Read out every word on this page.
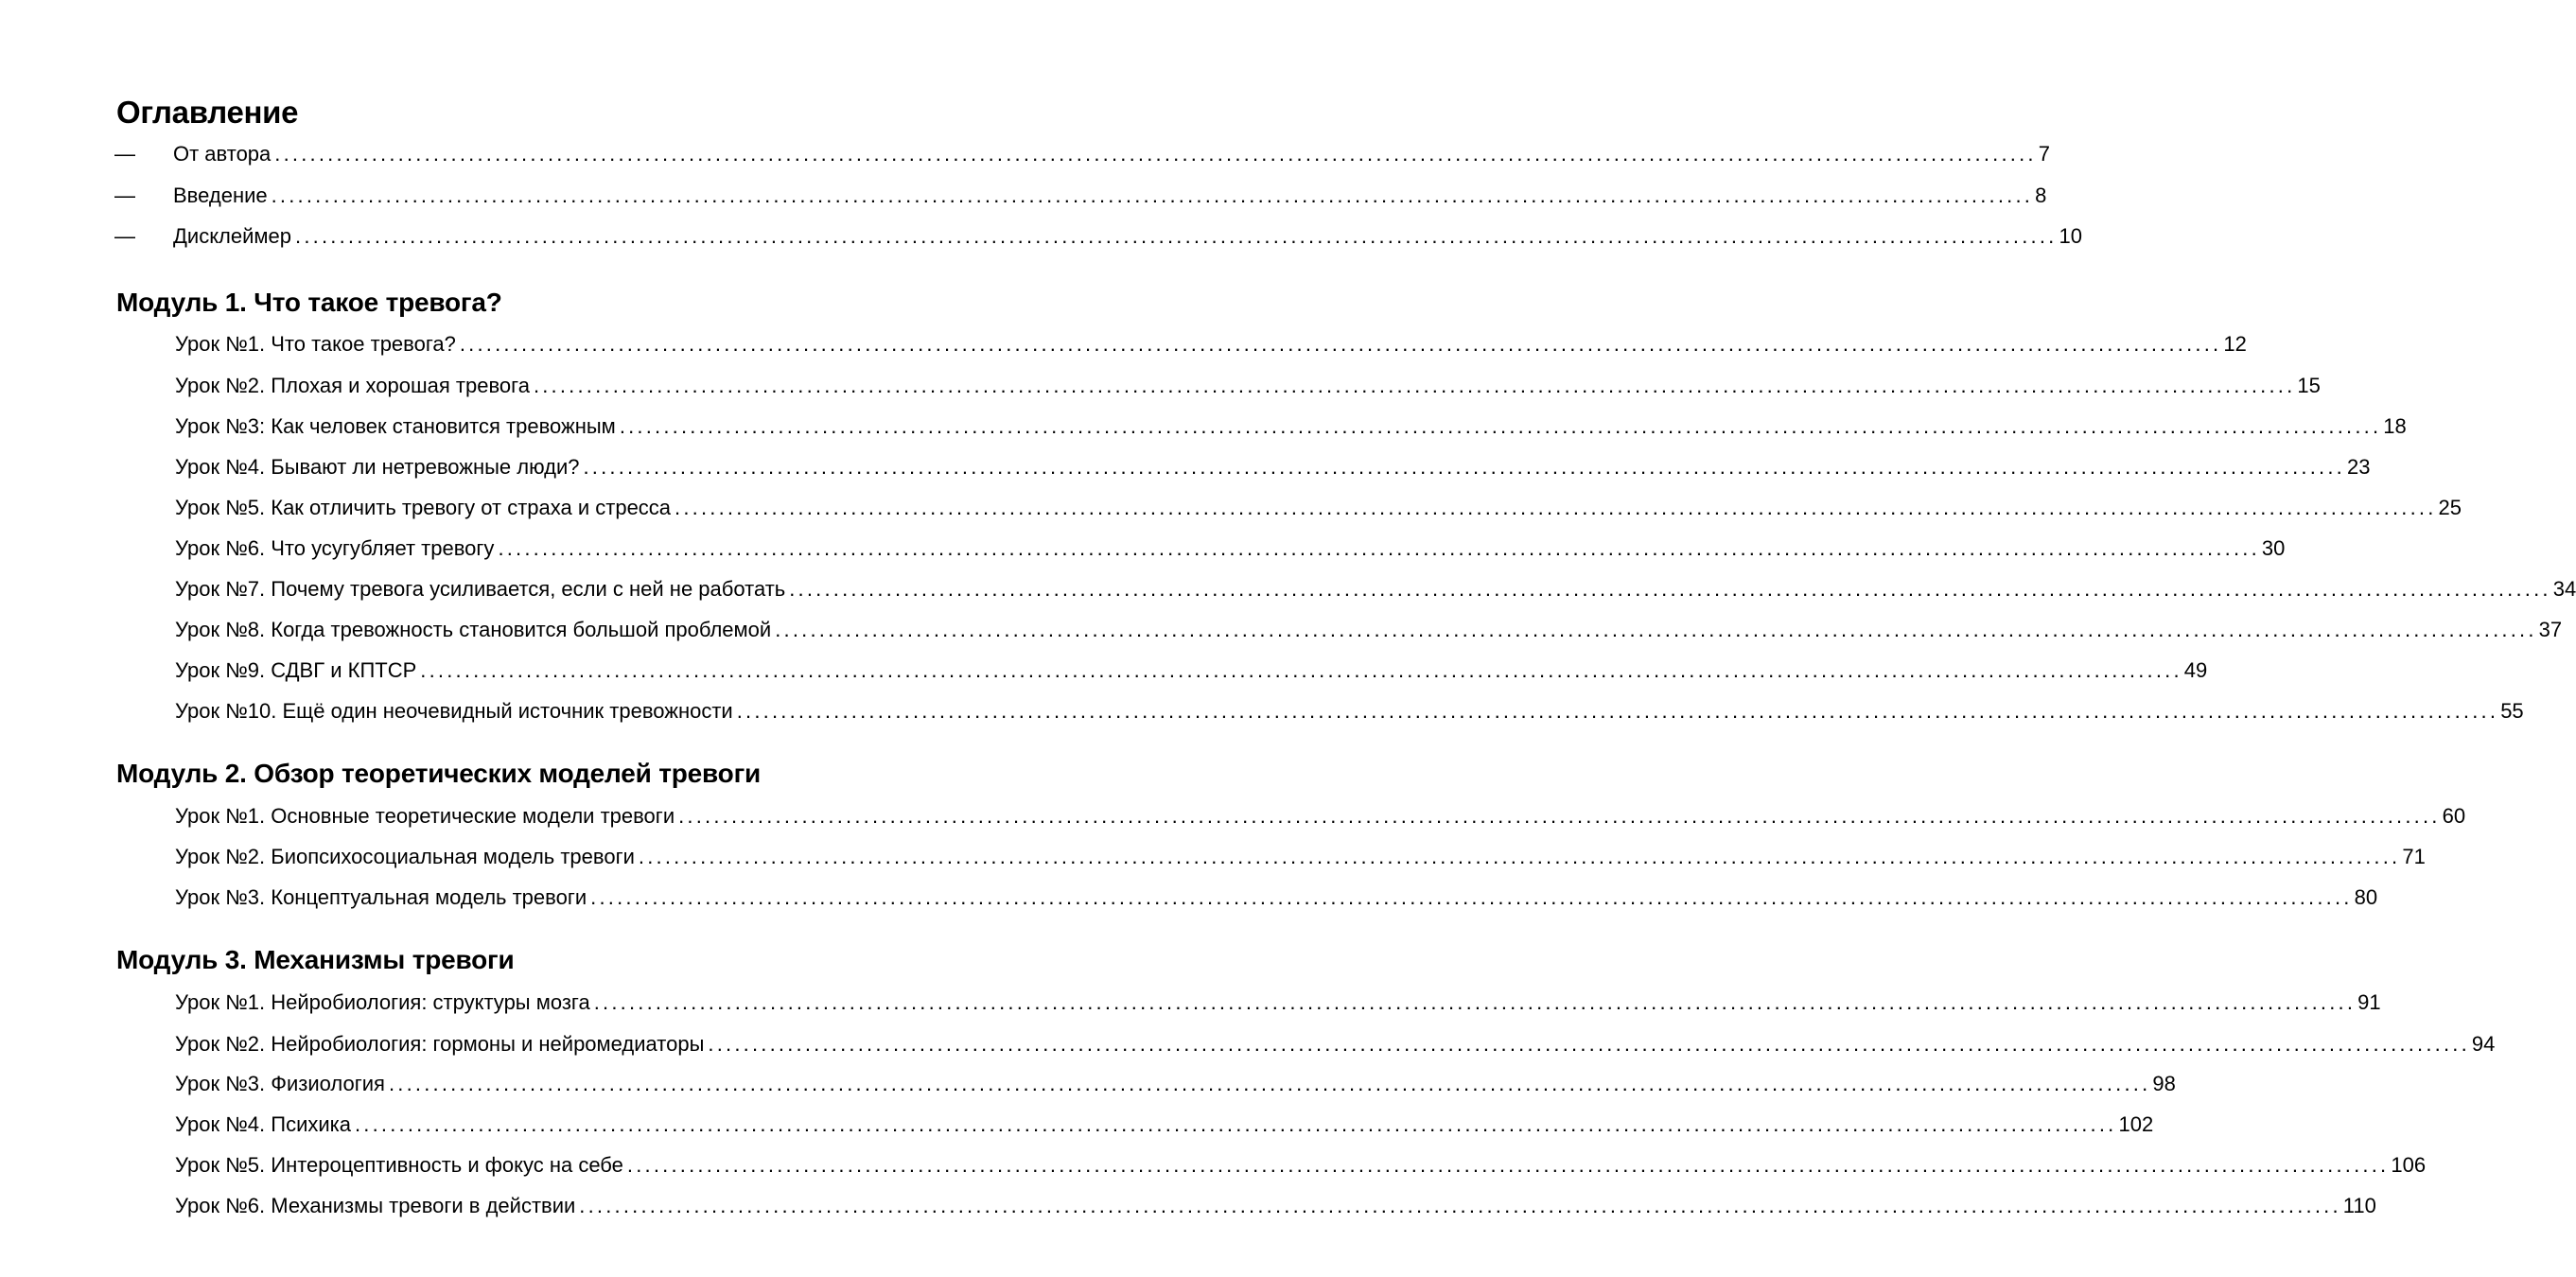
Оглавление
— От автора ........................................................................................................................................................................................................ 7
— Введение ........................................................................................................................................................................................................ 8
— Дисклеймер ........................................................................................................................................................................................................ 10
Модуль 1. Что такое тревога?
Урок №1. Что такое тревога? ........................................................................................................................................................................................................ 12
Урок №2. Плохая и хорошая тревога ........................................................................................................................................................................................................ 15
Урок №3: Как человек становится тревожным ........................................................................................................................................................................................................ 18
Урок №4. Бывают ли нетревожные люди? ........................................................................................................................................................................................................ 23
Урок №5. Как отличить тревогу от страха и стресса ........................................................................................................................................................................................................ 25
Урок №6. Что усугубляет тревогу ........................................................................................................................................................................................................ 30
Урок №7. Почему тревога усиливается, если с ней не работать ........................................................................................................................................................................................................ 34
Урок №8. Когда тревожность становится большой проблемой ........................................................................................................................................................................................................ 37
Урок №9. СДВГ и КПТСР ........................................................................................................................................................................................................ 49
Урок №10. Ещё один неочевидный источник тревожности ........................................................................................................................................................................................................ 55
Модуль 2. Обзор теоретических моделей тревоги
Урок №1. Основные теоретические модели тревоги ........................................................................................................................................................................................................ 60
Урок №2. Биопсихосоциальная модель тревоги ........................................................................................................................................................................................................ 71
Урок №3. Концептуальная модель тревоги ........................................................................................................................................................................................................ 80
Модуль 3. Механизмы тревоги
Урок №1. Нейробиология: структуры мозга ........................................................................................................................................................................................................ 91
Урок №2. Нейробиология: гормоны и нейромедиаторы ........................................................................................................................................................................................................ 94
Урок №3. Физиология ........................................................................................................................................................................................................ 98
Урок №4. Психика ........................................................................................................................................................................................................ 102
Урок №5. Интероцептивность и фокус на себе ........................................................................................................................................................................................................ 106
Урок №6. Механизмы тревоги в действии ........................................................................................................................................................................................................ 110
